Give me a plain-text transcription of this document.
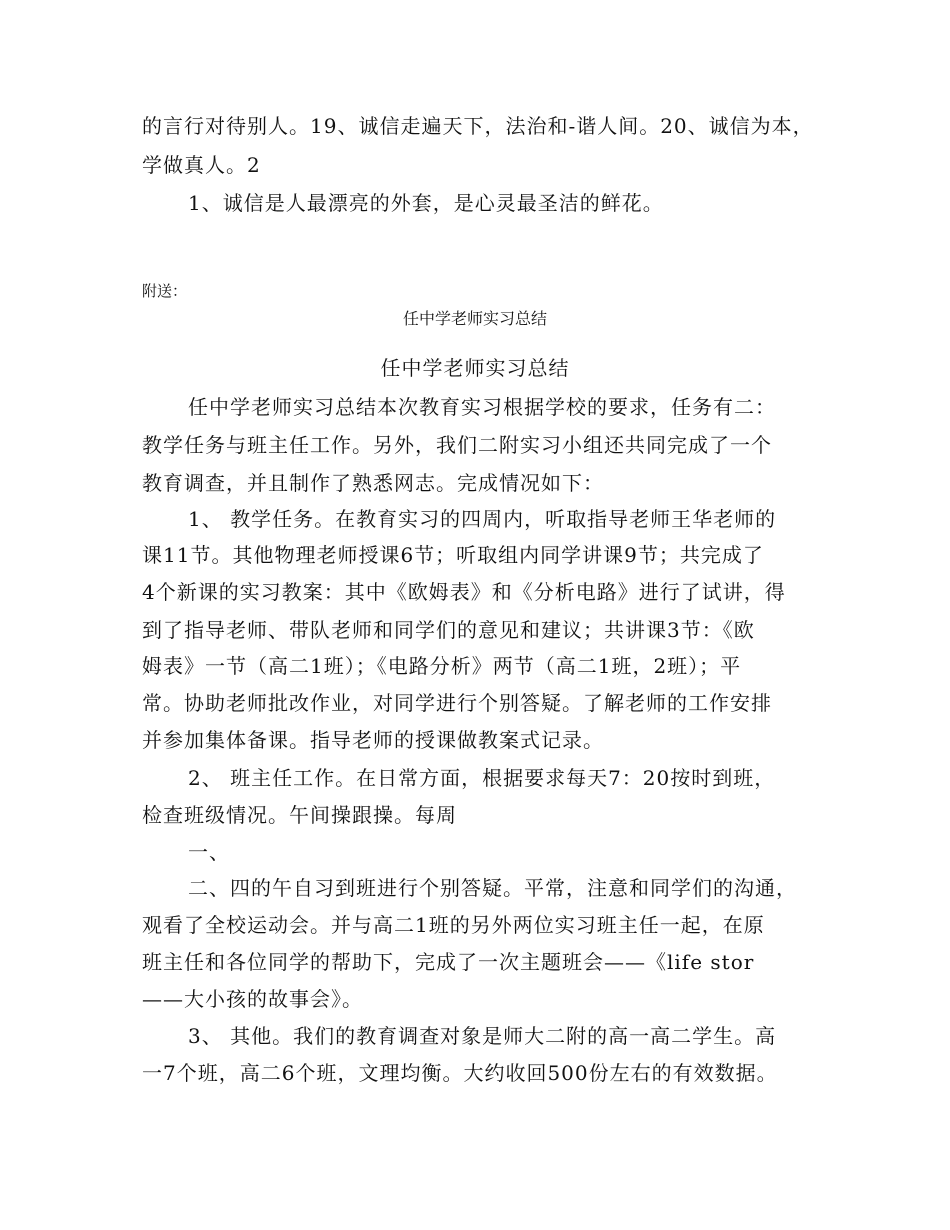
的言行对待别人。19、诚信走遍天下，法治和-谐人间。20、诚信为本，
学做真人。2
1、诚信是人最漂亮的外套，是心灵最圣洁的鲜花。
附送：
任中学老师实习总结
任中学老师实习总结
任中学老师实习总结本次教育实习根据学校的要求，任务有二：
教学任务与班主任工作。另外，我们二附实习小组还共同完成了一个
教育调查，并且制作了熟悉网志。完成情况如下：
1、 教学任务。在教育实习的四周内，听取指导老师王华老师的
课11节。其他物理老师授课6节；听取组内同学讲课9节；共完成了
4个新课的实习教案：其中《欧姆表》和《分析电路》进行了试讲，得
到了指导老师、带队老师和同学们的意见和建议；共讲课3节：《欧
姆表》一节（高二1班）；《电路分析》两节（高二1班，2班）；平
常。协助老师批改作业，对同学进行个别答疑。了解老师的工作安排
并参加集体备课。指导老师的授课做教案式记录。
2、 班主任工作。在日常方面，根据要求每天7：20按时到班，
检查班级情况。午间操跟操。每周
一、
二、四的午自习到班进行个别答疑。平常，注意和同学们的沟通，
观看了全校运动会。并与高二1班的另外两位实习班主任一起，在原
班主任和各位同学的帮助下，完成了一次主题班会——《life stor
——大小孩的故事会》。
3、 其他。我们的教育调查对象是师大二附的高一高二学生。高
一7个班，高二6个班，文理均衡。大约收回500份左右的有效数据。
